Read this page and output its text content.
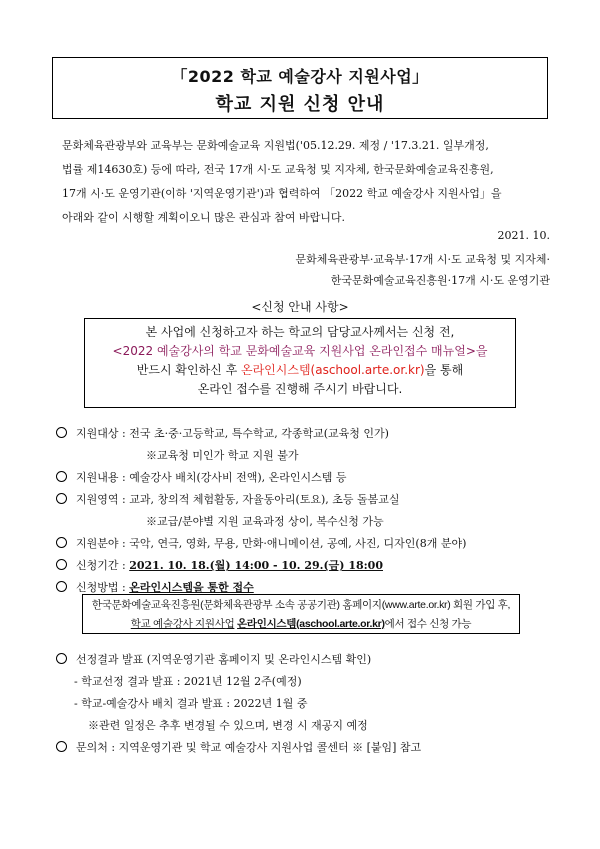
「2022 학교 예술강사 지원사업」
학교 지원 신청 안내

문화체육관광부와 교육부는 문화예술교육 지원법('05.12.29. 제정 / '17.3.21. 일부개정,

법률 제14630호) 등에 따라, 전국 17개 시·도 교육청 및 지자체, 한국문화예술교육진흥원,

17개 시·도 운영기관(이하 '지역운영기관')과 협력하여 「2022 학교 예술강사 지원사업」을

아래와 같이 시행할 계획이오니 많은 관심과 참여 바랍니다.

2021. 10.
문화체육관광부·교육부·17개 시·도 교육청 및 지자체·
한국문화예술교육진흥원·17개 시·도 운영기관
<신청 안내 사항>
본 사업에 신청하고자 하는 학교의 담당교사께서는 신청 전,
<2022 예술강사의 학교 문화예술교육 지원사업 온라인접수 매뉴얼>을
반드시 확인하신 후 온라인시스템(aschool.arte.or.kr)을 통해
온라인 접수를 진행해 주시기 바랍니다.
지원대상 : 전국 초·중·고등학교, 특수학교, 각종학교(교육청 인가)
※교육청 미인가 학교 지원 불가
지원내용 : 예술강사 배치(강사비 전액), 온라인시스템 등
지원영역 : 교과, 창의적 체험활동, 자율동아리(토요), 초등 돌봄교실
※교급/분야별 지원 교육과정 상이, 복수신청 가능
지원분야 : 국악, 연극, 영화, 무용, 만화·애니메이션, 공예, 사진, 디자인(8개 분야)
신청기간 : 2021. 10. 18.(월) 14:00 - 10. 29.(금) 18:00
신청방법 : 온라인시스템을 통한 접수
선정결과 발표 (지역운영기관 홈페이지 및 온라인시스템 확인)
- 학교선정 결과 발표 : 2021년 12월 2주(예정)
- 학교-예술강사 배치 결과 발표 : 2022년 1월 중
※관련 일정은 추후 변경될 수 있으며, 변경 시 재공지 예정
문의처 : 지역운영기관 및 학교 예술강사 지원사업 콜센터 ※ [붙임] 참고
한국문화예술교육진흥원(문화체육관광부 소속 공공기관) 홈페이지(www.arte.or.kr) 회원 가입 후,
학교 예술강사 지원사업 온라인시스템(aschool.arte.or.kr)에서 접수 신청 가능
